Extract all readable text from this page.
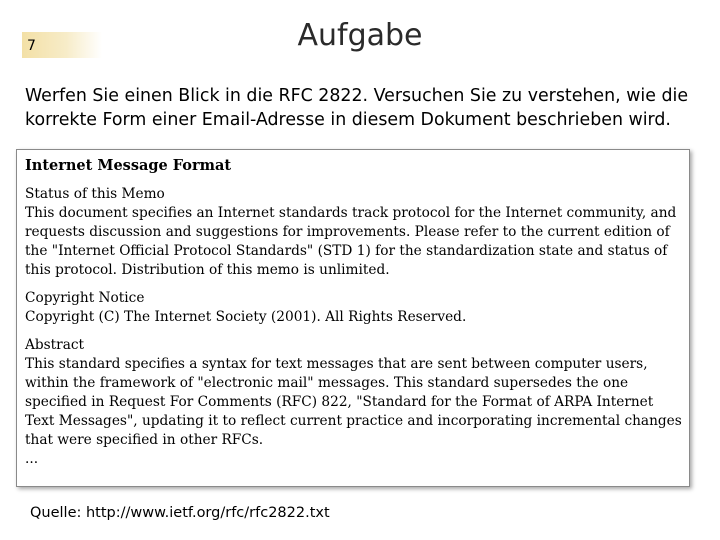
7	Aufgabe
Werfen Sie einen Blick in die RFC 2822. Versuchen Sie zu verstehen, wie die
korrekte Form einer Email-Adresse in diesem Dokument beschrieben wird.
Internet Message Format
Status of this Memo
This document specifies an Internet standards track protocol for the Internet community, and
requests discussion and suggestions for improvements. Please refer to the current edition of
the "Internet Official Protocol Standards" (STD 1) for the standardization state and status of
this protocol. Distribution of this memo is unlimited.
Copyright Notice
Copyright (C) The Internet Society (2001). All Rights Reserved.
Abstract
This standard specifies a syntax for text messages that are sent between computer users,
within the framework of "electronic mail" messages. This standard supersedes the one
specified in Request For Comments (RFC) 822, "Standard for the Format of ARPA Internet
Text Messages", updating it to reflect current practice and incorporating incremental changes
that were specified in other RFCs.
...
Quelle: http://www.ietf.org/rfc/rfc2822.txt
